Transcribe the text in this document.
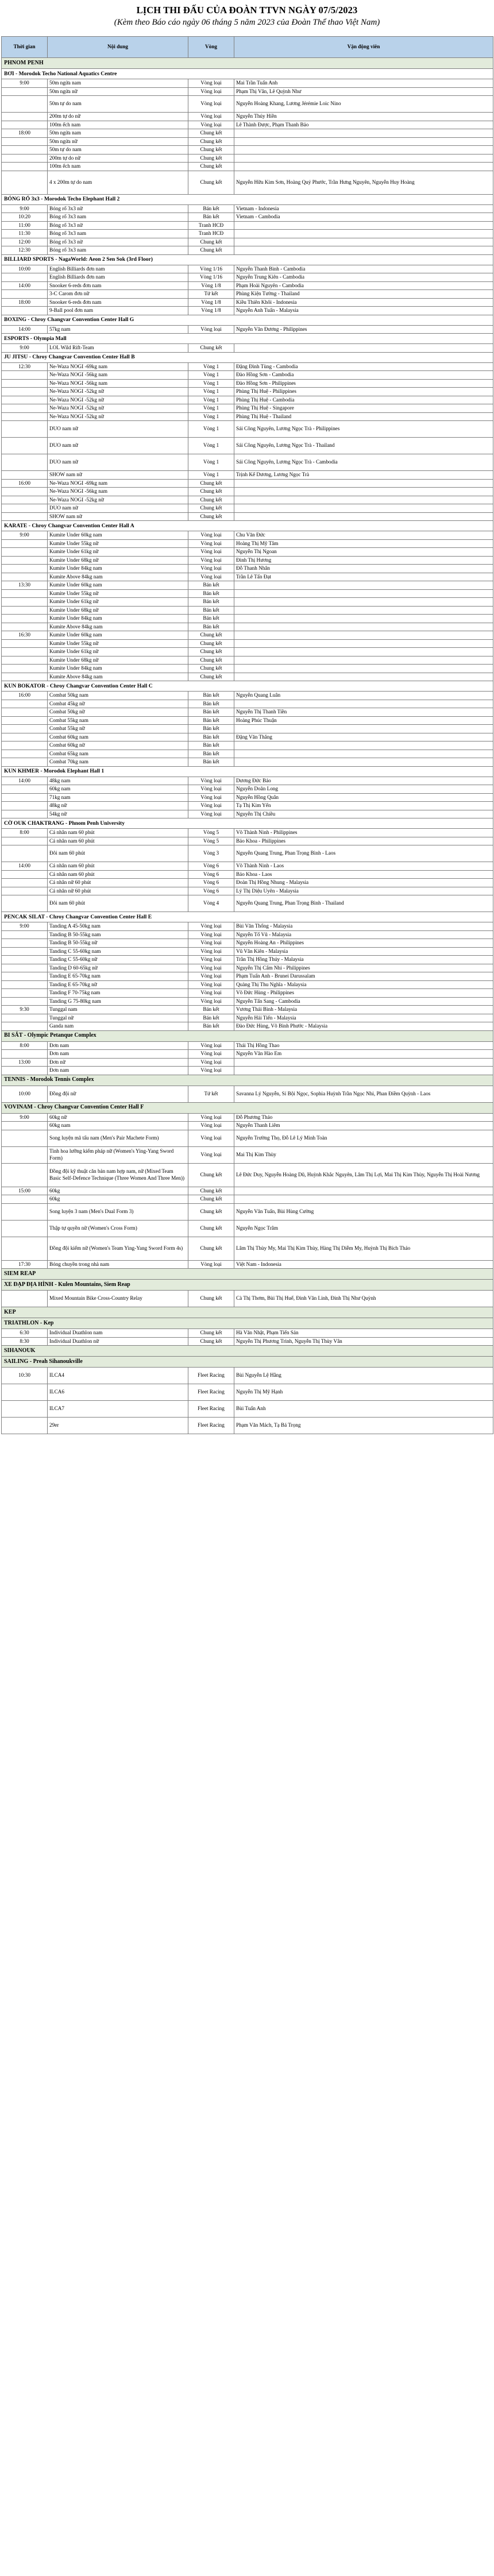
LỊCH THI ĐẤU CỦA ĐOÀN TTVN NGÀY 07/5/2023
(Kèm theo Báo cáo ngày 06 tháng 5 năm 2023 của Đoàn Thể thao Việt Nam)
Thời gian	Nội dung	Vòng	Vận động viên
PHNOM PENH			
BƠI - Morodok Techo National Aquatics Centre			
9:00	50m ngửa nam	Vòng loại	Mai Trần Tuấn Anh
	50m ngửa nữ	Vòng loại	Phạm Thị Vân, Lê Quỳnh Như
	50m tự do nam	Vòng loại	Nguyễn Hoàng Khang, Lương Jérémie Loic Nino
	200m tự do nữ	Vòng loại	Nguyễn Thúy Hiền
	100m ếch nam	Vòng loại	Lê Thành Được, Phạm Thanh Bảo
18:00	50m ngửa nam	Chung kết	
	50m ngửa nữ	Chung kết	
	50m tự do nam	Chung kết	
	200m tự do nữ	Chung kết	
	100m ếch nam	Chung kết	
	4 x 200m tự do nam	Chung kết	Nguyễn Hữu Kim Sơn, Hoàng Quý Phước, Trần Hưng Nguyên, Nguyễn Huy Hoàng
BÓNG RỔ 3x3 - Morodok Techo Elephant Hall 2			
9:00	Bóng rổ 3x3 nữ	Bán kết	Vietnam - Indonesia
10:20	Bóng rổ 3x3 nam	Bán kết	Vietnam - Cambodia
11:00	Bóng rổ 3x3 nữ	Tranh HCĐ	
11:30	Bóng rổ 3x3 nam	Tranh HCĐ	
12:00	Bóng rổ 3x3 nữ	Chung kết	
12:30	Bóng rổ 3x3 nam	Chung kết	
BILLIARD SPORTS - NagaWorld: Aeon 2 Sen Sok (3rd Floor)			
10:00	English Billiards đơn nam	Vòng 1/16	Nguyễn Thanh Bình - Cambodia
	English Billiards đơn nam	Vòng 1/16	Nguyễn Trung Kiên - Cambodia
14:00	Snooker 6-reds đơn nam	Vòng 1/8	Phạm Hoài Nguyên - Cambodia
	3-C Carom đơn nữ	Tứ kết	Phùng Kiện Tường - Thailand
18:00	Snooker 6-reds đơn nam	Vòng 1/8	Kiều Thiên Khôi - Indonesia
	9-Ball pool đơn nam	Vòng 1/8	Nguyễn Anh Tuấn - Malaysia
BOXING - Chroy Changvar Convention Center Hall G			
14:00	57kg nam	Vòng loại	Nguyễn Văn Đương - Philippines
ESPORTS - Olympia Mall			
9:00	LOL Wild Rift-Team	Chung kết	
JU JITSU - Chroy Changvar Convention Center Hall B			
12:30	Ne-Waza NOGI -69kg nam	Vòng 1	Đặng Đình Tùng - Cambodia
	Ne-Waza NOGI -56kg nam	Vòng 1	Đào Hồng Sơn - Cambodia
	Ne-Waza NOGI -56kg nam	Vòng 1	Đào Hồng Sơn - Philippines
	Ne-Waza NOGI -52kg nữ	Vòng 1	Phùng Thị Huệ - Philippines
	Ne-Waza NOGI -52kg nữ	Vòng 1	Phùng Thị Huệ - Cambodia
	Ne-Waza NOGI -52kg nữ	Vòng 1	Phùng Thị Huệ - Singapore
	Ne-Waza NOGI -52kg nữ	Vòng 1	Phùng Thị Huệ - Thailand
	DUO nam nữ	Vòng 1	Sái Công Nguyên, Lương Ngọc Trà - Philippines
	DUO nam nữ	Vòng 1	Sái Công Nguyên, Lương Ngọc Trà - Thailand
	DUO nam nữ	Vòng 1	Sái Công Nguyên, Lương Ngọc Trà - Cambodia
	SHOW nam nữ	Vòng 1	Trịnh Kế Dương, Lương Ngọc Trà
16:00	Ne-Waza NOGI -69kg nam	Chung kết	
	Ne-Waza NOGI -56kg nam	Chung kết	
	Ne-Waza NOGI -52kg nữ	Chung kết	
	DUO nam nữ	Chung kết	
	SHOW nam nữ	Chung kết	
KARATE - Chroy Changvar Convention Center Hall A			
9:00	Kumite Under 60kg nam	Vòng loại	Chu Văn Đức
	Kumite Under 55kg nữ	Vòng loại	Hoàng Thị Mỹ Tâm
	Kumite Under 61kg nữ	Vòng loại	Nguyễn Thị Ngoan
	Kumite Under 68kg nữ	Vòng loại	Đinh Thị Hương
	Kumite Under 84kg nam	Vòng loại	Đỗ Thanh Nhân
	Kumite Above 84kg nam	Vòng loại	Trần Lê Tấn Đạt
13:30	Kumite Under 60kg nam	Bán kết	
	Kumite Under 55kg nữ	Bán kết	
	Kumite Under 61kg nữ	Bán kết	
	Kumite Under 68kg nữ	Bán kết	
	Kumite Under 84kg nam	Bán kết	
	Kumite Above 84kg nam	Bán kết	
16:30	Kumite Under 60kg nam	Chung kết	
	Kumite Under 55kg nữ	Chung kết	
	Kumite Under 61kg nữ	Chung kết	
	Kumite Under 68kg nữ	Chung kết	
	Kumite Under 84kg nam	Chung kết	
	Kumite Above 84kg nam	Chung kết	
KUN BOKATOR - Chroy Changvar Convention Center Hall C			
16:00	Combat 50kg nam	Bán kết	Nguyễn Quang Luân
	Combat 45kg nữ	Bán kết	
	Combat 50kg nữ	Bán kết	Nguyễn Thị Thanh Tiền
	Combat 55kg nam	Bán kết	Hoàng Phúc Thuận
	Combat 55kg nữ	Bán kết	
	Combat 60kg nam	Bán kết	Đặng Văn Thắng
	Combat 60kg nữ	Bán kết	
	Combat 65kg nam	Bán kết	
	Combat 70kg nam	Bán kết	
KUN KHMER - Morodok Elephant Hall 1			
14:00	48kg nam	Vòng loại	Dương Đức Bảo
	60kg nam	Vòng loại	Nguyễn Doãn Long
	71kg nam	Vòng loại	Nguyễn Hồng Quân
	48kg nữ	Vòng loại	Tạ Thị Kim Yến
	54kg nữ	Vòng loại	Nguyễn Thị Chiều
CỜ OUK CHAKTRANG - Phnom Penh University			
8:00	Cá nhân nam 60 phút	Vòng 5	Võ Thành Ninh - Philippines
	Cá nhân nam 60 phút	Vòng 5	Bảo Khoa - Philippines
	Đôi nam 60 phút	Vòng 3	Nguyễn Quang Trung, Phan Trọng Bình - Laos
14:00	Cá nhân nam 60 phút	Vòng 6	Võ Thành Ninh - Laos
	Cá nhân nam 60 phút	Vòng 6	Bảo Khoa - Laos
	Cá nhân nữ 60 phút	Vòng 6	Đoàn Thị Hồng Nhung - Malaysia
	Cá nhân nữ 60 phút	Vòng 6	Lý Thị Diệu Uyên - Malaysia
	Đôi nam 60 phút	Vòng 4	Nguyễn Quang Trung, Phan Trọng Bình - Thailand
PENCAK SILAT - Chroy Changvar Convention Center Hall E			
9:00	Tanding A 45-50kg nam	Vòng loại	Bùi Văn Thống - Malaysia
	Tanding B 50-55kg nam	Vòng loại	Nguyễn Tố Vũ - Malaysia
	Tanding B 50-55kg nữ	Vòng loại	Nguyễn Hoàng An - Philippines
	Tanding C 55-60kg nam	Vòng loại	Vũ Văn Kiên - Malaysia
	Tanding C 55-60kg nữ	Vòng loại	Trần Thị Hồng Thúy - Malaysia
	Tanding D 60-65kg nữ	Vòng loại	Nguyễn Thị Cẩm Nhi - Philippines
	Tanding E 65-70kg nam	Vòng loại	Phạm Tuấn Anh - Brunei Darussalam
	Tanding E 65-70kg nữ	Vòng loại	Quàng Thị Thu Nghĩa - Malaysia
	Tanding F 70-75kg nam	Vòng loại	Võ Đức Hùng - Philippines
	Tanding G 75-80kg nam	Vòng loại	Nguyễn Tấn Sang - Cambodia
9:30	Tunggal nam	Bán kết	Vương Thái Bình - Malaysia
	Tunggal nữ	Bán kết	Nguyễn Hải Tiến - Malaysia
	Ganda nam	Bán kết	Đào Đức Hùng, Võ Bình Phước - Malaysia
BI SẮT - Olympic Petanque Complex			
8:00	Đơn nam	Vòng loại	Thái Thị Hồng Thao
	Đơn nam	Vòng loại	Nguyễn Văn Hào Em
13:00	Đơn nữ	Vòng loại	
	Đơn nam	Vòng loại	
TENNIS - Morodok Tennis Complex			
10:00	Đồng đội nữ	Tứ kết	Savanna Lý Nguyễn, Sí Bội Ngọc, Sophia Huỳnh Trần Ngọc Nhi, Phan Điềm Quỳnh - Laos
VOVINAM - Chroy Changvar Convention Center Hall F			
9:00	60kg nữ	Vòng loại	Đỗ Phương Thảo
	60kg nam	Vòng loại	Nguyễn Thanh Liêm
	Song luyện mã tấu nam (Men's Pair Machete Form)	Vòng loại	Nguyễn Trường Thọ, Đỗ Lê Lý Minh Toàn
	Tinh hoa lưỡng kiếm pháp nữ (Women's Ying-Yang Sword Form)	Vòng loại	Mai Thị Kim Thùy
	Đồng đội kỹ thuật căn bản nam hợp nam, nữ (Mixed Team Basic Self-Defence Technique (Three Women And Three Men))	Chung kết	Lê Đức Duy, Nguyễn Hoàng Dũ, Huỳnh Khắc Nguyên, Lâm Thị Lợi, Mai Thị Kim Thùy, Nguyễn Thị Hoài Nương
15:00	60kg	Chung kết	
	60kg	Chung kết	
	Song luyện 3 nam (Men's Dual Form 3)	Chung kết	Nguyễn Văn Tuấn, Bùi Hùng Cường
	Thập tự quyền nữ (Women's Cross Form)	Chung kết	Nguyễn Ngọc Trâm
	Đồng đội kiếm nữ (Women's Team Ying-Yang Sword Form 4s)	Chung kết	Lâm Thị Thùy My, Mai Thị Kim Thùy, Hàng Thị Diễm My, Huỳnh Thị Bích Thảo
17:30	Bóng chuyền trong nhà nam	Vòng loại	Việt Nam - Indonesia
SIEM REAP			
XE ĐẠP ĐỊA HÌNH - Kulen Mountains, Siem Reap			
	Mixed Mountain Bike Cross-Country Relay	Chung kết	Cà Thị Thơm, Bùi Thị Huế, Đinh Văn Linh, Đinh Thị Như Quỳnh
KEP			
TRIATHLON - Kep			
6:30	Individual Duathlon nam	Chung kết	Hà Văn Nhật, Phạm Tiến Sản
8:30	Individual Duathlon nữ	Chung kết	Nguyễn Thị Phương Trinh, Nguyễn Thị Thùy Vân
SIHANOUK			
SAILING - Preah Sihanoukville			
10:30	ILCA4	Fleet Racing	Bùi Nguyễn Lệ Hằng
	ILCA6	Fleet Racing	Nguyễn Thị Mỹ Hạnh
	ILCA7	Fleet Racing	Bùi Tuấn Anh
	29er	Fleet Racing	Phạm Văn Mách, Tạ Bá Trọng
